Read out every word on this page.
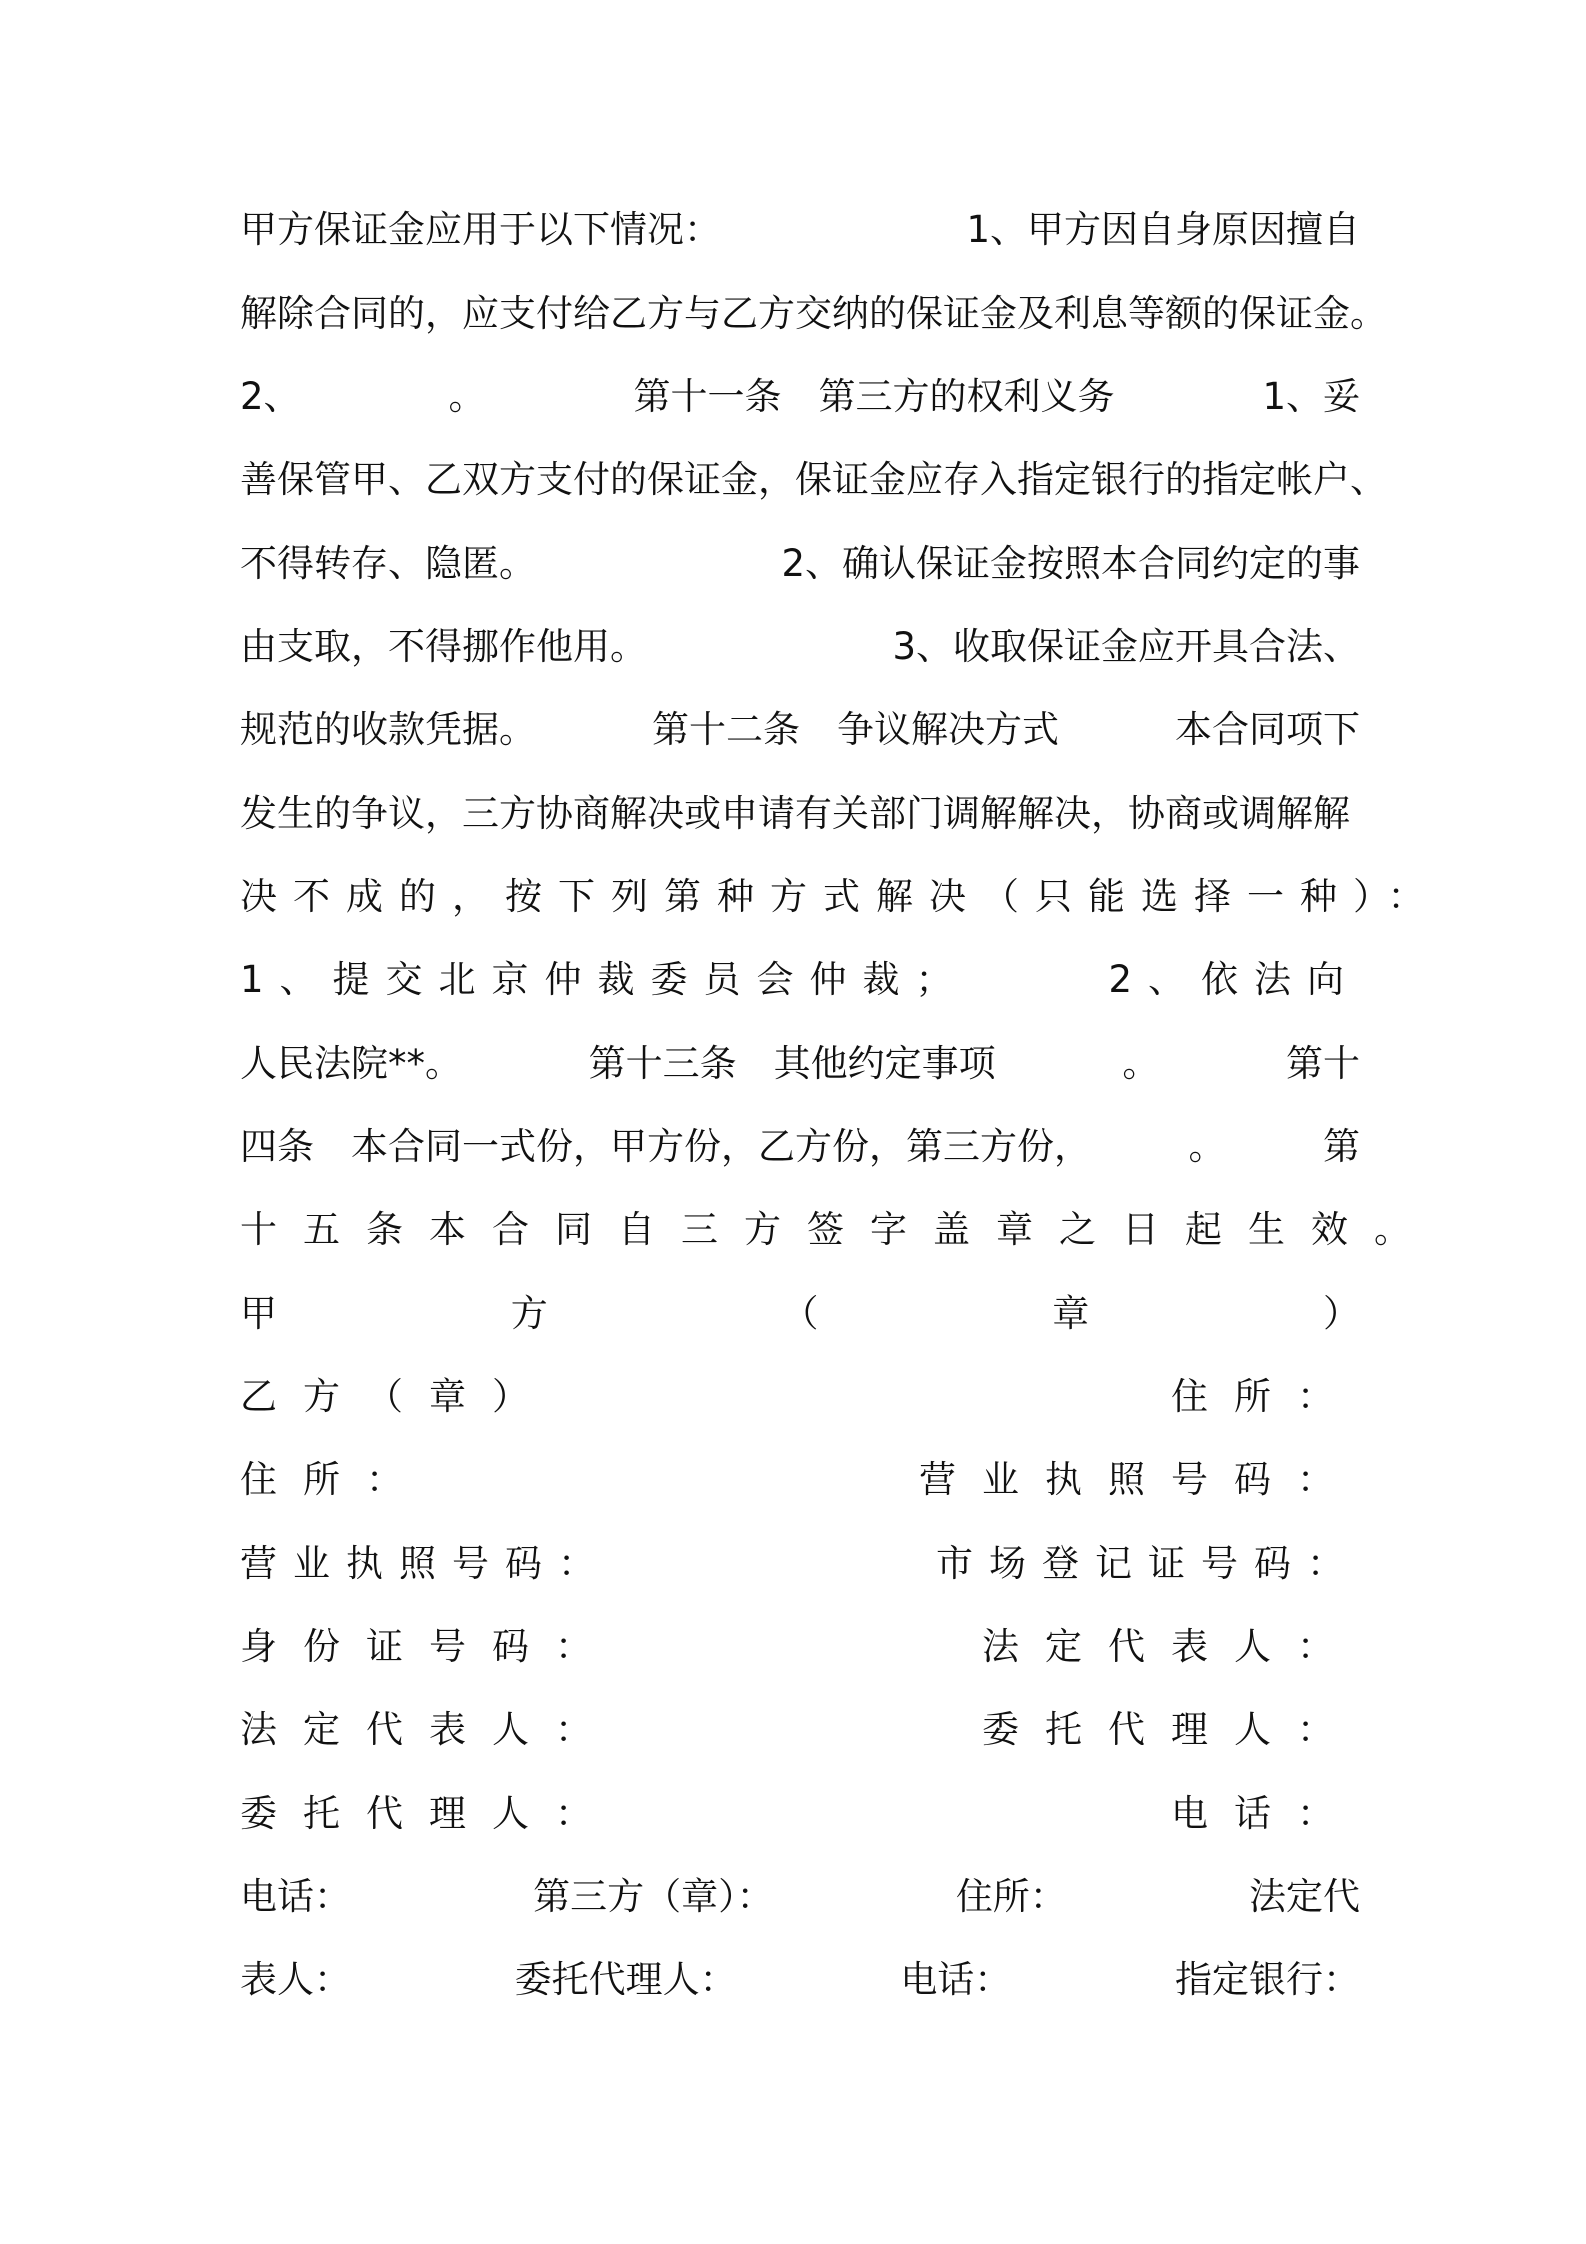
甲方保证金应用于以下情况：	1、甲方因自身原因擅自
解除合同的，应支付给乙方与乙方交纳的保证金及利息等额的保证金。
2、	。	第十一条　第三方的权利义务	1、妥
善保管甲、乙双方支付的保证金，保证金应存入指定银行的指定帐户、
不得转存、隐匿。	2、确认保证金按照本合同约定的事
由支取，不得挪作他用。	3、收取保证金应开具合法、
规范的收款凭据。	第十二条　争议解决方式	本合同项下
发生的争议，三方协商解决或申请有关部门调解解决，协商或调解解
决不成的，按下列第 种方式解决（只能选择一种）：
1、提交北京仲裁委员会仲裁；	2、依法向
人民法院**。	第十三条　其他约定事项	。	第十
四条　本合同一式份，甲方份，乙方份，第三方份，	。	第
十五条 本合同自三方签字盖章之日起生效。
甲	方	（	章	）
乙方（章）	住所：
住所：	营业执照号码：
营业执照号码：	市场登记证号码：
身份证号码：	法定代表人：
法定代表人：	委托代理人：
委托代理人：	电话：
电话：	第三方（章）：	住所：	法定代
表人：	委托代理人：	电话：	指定银行：
